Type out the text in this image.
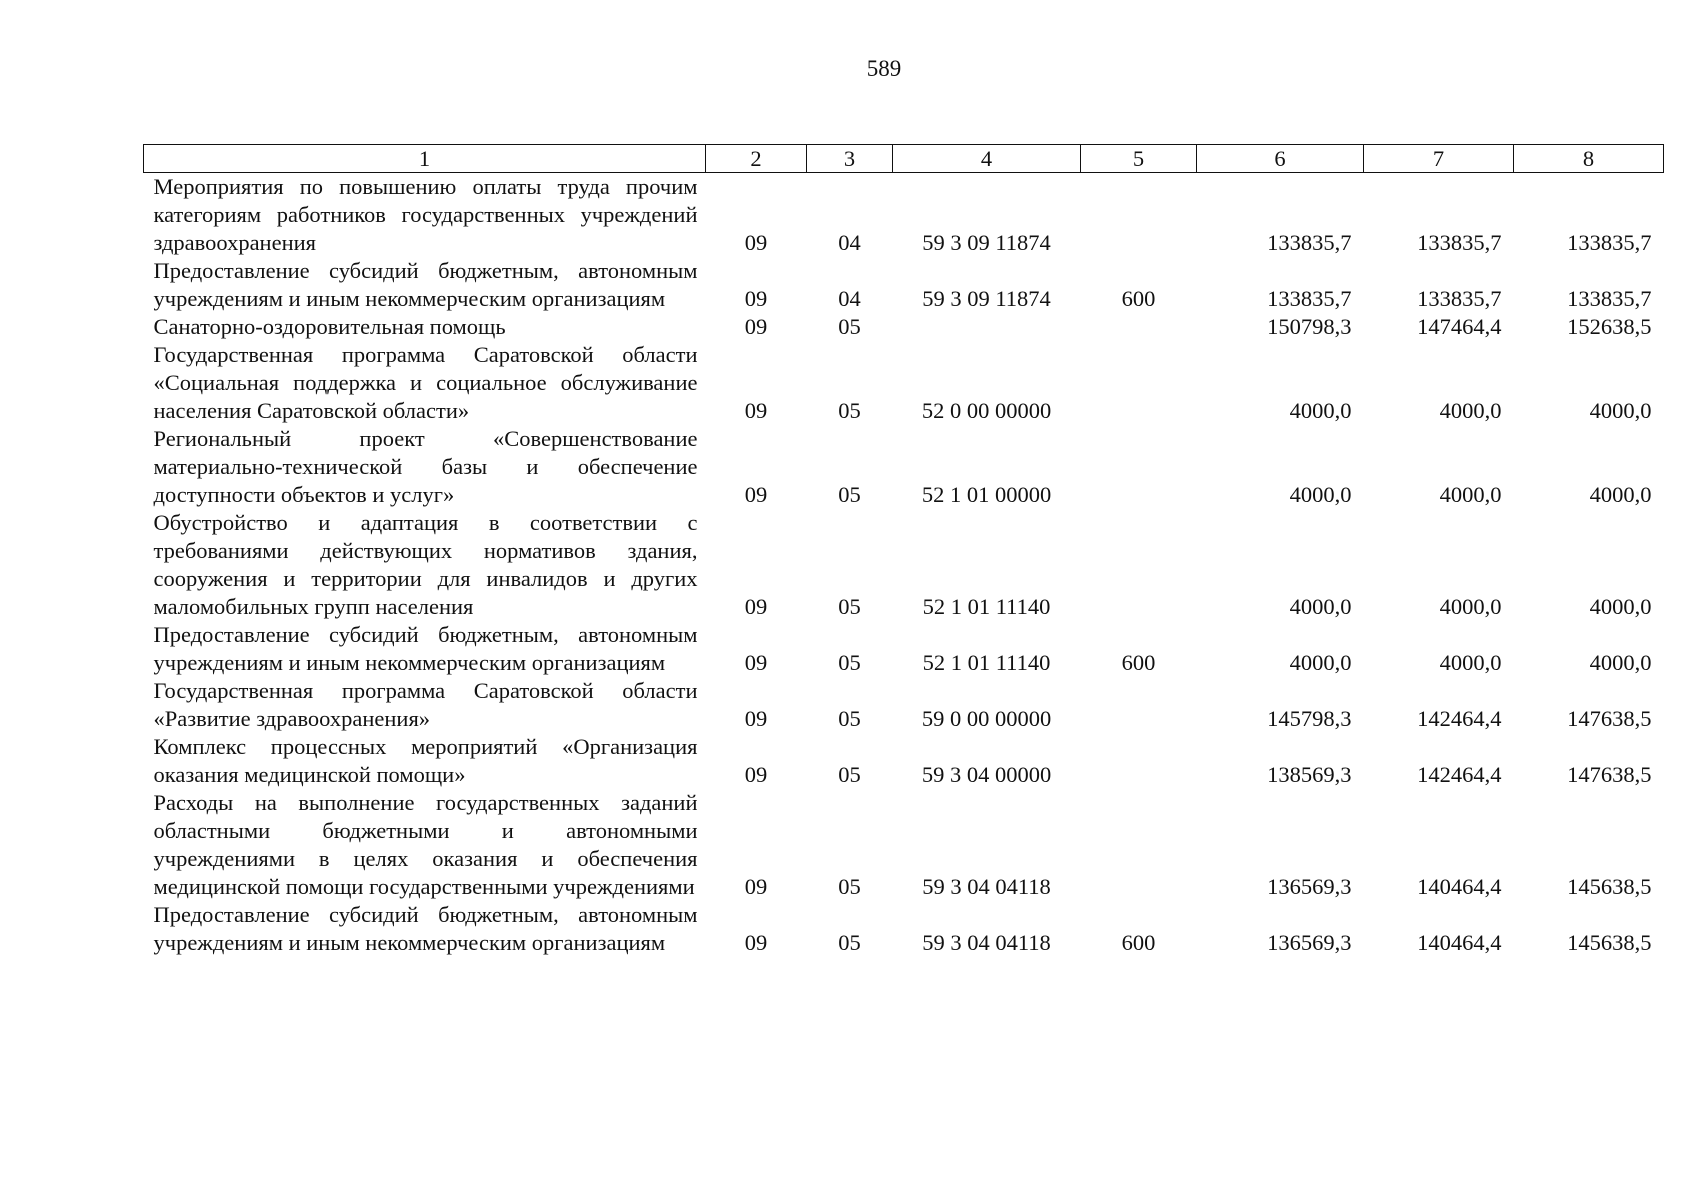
589
1	2	3	4	5	6	7	8
Мероприятия по повышению оплаты труда прочим категориям работников государственных учреждений здравоохранения	09	04	59 3 09 11874		133835,7	133835,7	133835,7
Предоставление субсидий бюджетным, автономным учреждениям и иным некоммерческим организациям	09	04	59 3 09 11874	600	133835,7	133835,7	133835,7
Санаторно-оздоровительная помощь	09	05			150798,3	147464,4	152638,5
Государственная программа Саратовской области «Социальная поддержка и социальное обслуживание населения Саратовской области»	09	05	52 0 00 00000		4000,0	4000,0	4000,0
Региональный проект «Совершенствование материально-технической базы и обеспечение доступности объектов и услуг»	09	05	52 1 01 00000		4000,0	4000,0	4000,0
Обустройство и адаптация в соответствии с требованиями действующих нормативов здания, сооружения и территории для инвалидов и других маломобильных групп населения	09	05	52 1 01 11140		4000,0	4000,0	4000,0
Предоставление субсидий бюджетным, автономным учреждениям и иным некоммерческим организациям	09	05	52 1 01 11140	600	4000,0	4000,0	4000,0
Государственная программа Саратовской области «Развитие здравоохранения»	09	05	59 0 00 00000		145798,3	142464,4	147638,5
Комплекс процессных мероприятий «Организация оказания медицинской помощи»	09	05	59 3 04 00000		138569,3	142464,4	147638,5
Расходы на выполнение государственных заданий областными бюджетными и автономными учреждениями в целях оказания и обеспечения медицинской помощи государственными учреждениями	09	05	59 3 04 04118		136569,3	140464,4	145638,5
Предоставление субсидий бюджетным, автономным учреждениям и иным некоммерческим организациям	09	05	59 3 04 04118	600	136569,3	140464,4	145638,5
